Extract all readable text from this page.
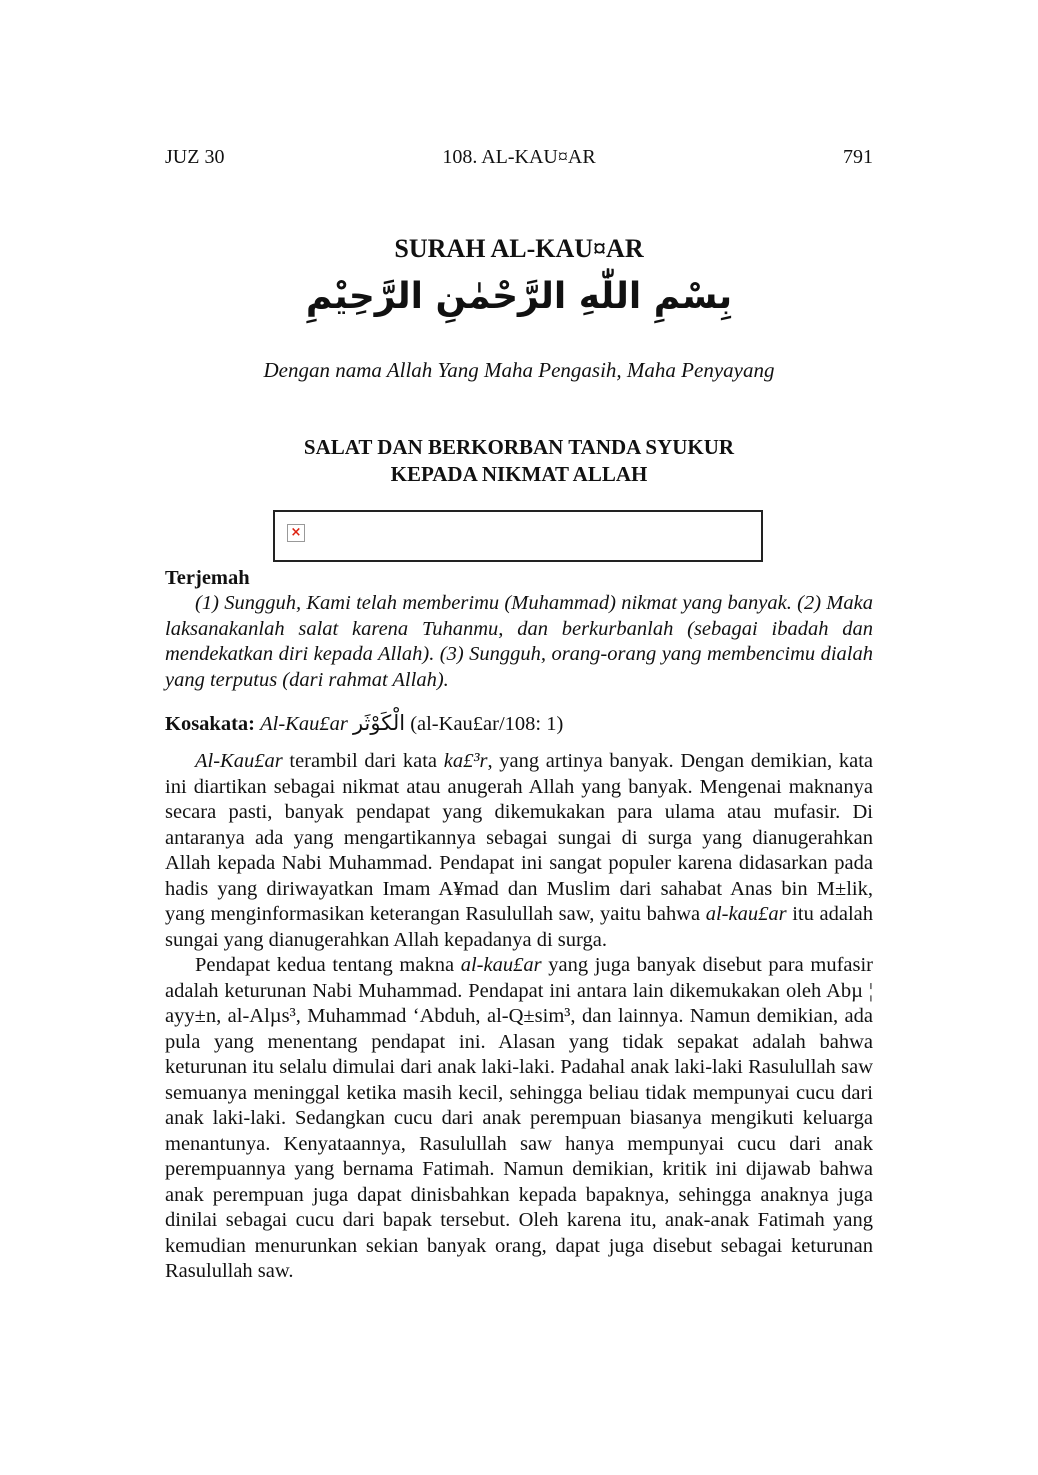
JUZ 30	108. AL-KAU¤AR	791
SURAH AL-KAU¤AR
بِسْمِ اللّٰهِ الرَّحْمٰنِ الرَّحِيْمِ
Dengan nama Allah Yang Maha Pengasih, Maha Penyayang
SALAT DAN BERKORBAN TANDA SYUKUR
KEPADA NIKMAT ALLAH
×
Terjemah

(1) Sungguh, Kami telah memberimu (Muhammad) nikmat yang banyak. (2) Maka laksanakanlah salat karena Tuhanmu, dan berkurbanlah (sebagai ibadah dan mendekatkan diri kepada Allah). (3) Sungguh, orang-orang yang membencimu dialah yang terputus (dari rahmat Allah).

Kosakata: Al-Kau£ar الْكَوْثَر (al-Kau£ar/108: 1)

Al-Kau£ar terambil dari kata ka£³r, yang artinya banyak. Dengan demikian, kata ini diartikan sebagai nikmat atau anugerah Allah yang banyak. Mengenai maknanya secara pasti, banyak pendapat yang dikemukakan para ulama atau mufasir. Di antaranya ada yang mengartikannya sebagai sungai di surga yang dianugerahkan Allah kepada Nabi Muhammad. Pendapat ini sangat populer karena didasarkan pada hadis yang diriwayatkan Imam A¥mad dan Muslim dari sahabat Anas bin M±lik, yang menginformasikan keterangan Rasulullah saw, yaitu bahwa al-kau£ar itu adalah sungai yang dianugerahkan Allah kepadanya di surga.

Pendapat kedua tentang makna al-kau£ar yang juga banyak disebut para mufasir adalah keturunan Nabi Muhammad. Pendapat ini antara lain dikemukakan oleh Abµ ¦ ayy±n, al-Alµs³, Muhammad ‘Abduh, al-Q±sim³, dan lainnya. Namun demikian, ada pula yang menentang pendapat ini. Alasan yang tidak sepakat adalah bahwa keturunan itu selalu dimulai dari anak laki-laki. Padahal anak laki-laki Rasulullah saw semuanya meninggal ketika masih kecil, sehingga beliau tidak mempunyai cucu dari anak laki-laki. Sedangkan cucu dari anak perempuan biasanya mengikuti keluarga menantunya. Kenyataannya, Rasulullah saw hanya mempunyai cucu dari anak perempuannya yang bernama Fatimah. Namun demikian, kritik ini dijawab bahwa anak perempuan juga dapat dinisbahkan kepada bapaknya, sehingga anaknya juga dinilai sebagai cucu dari bapak tersebut. Oleh karena itu, anak-anak Fatimah yang kemudian menurunkan sekian banyak orang, dapat juga disebut sebagai keturunan Rasulullah saw.
